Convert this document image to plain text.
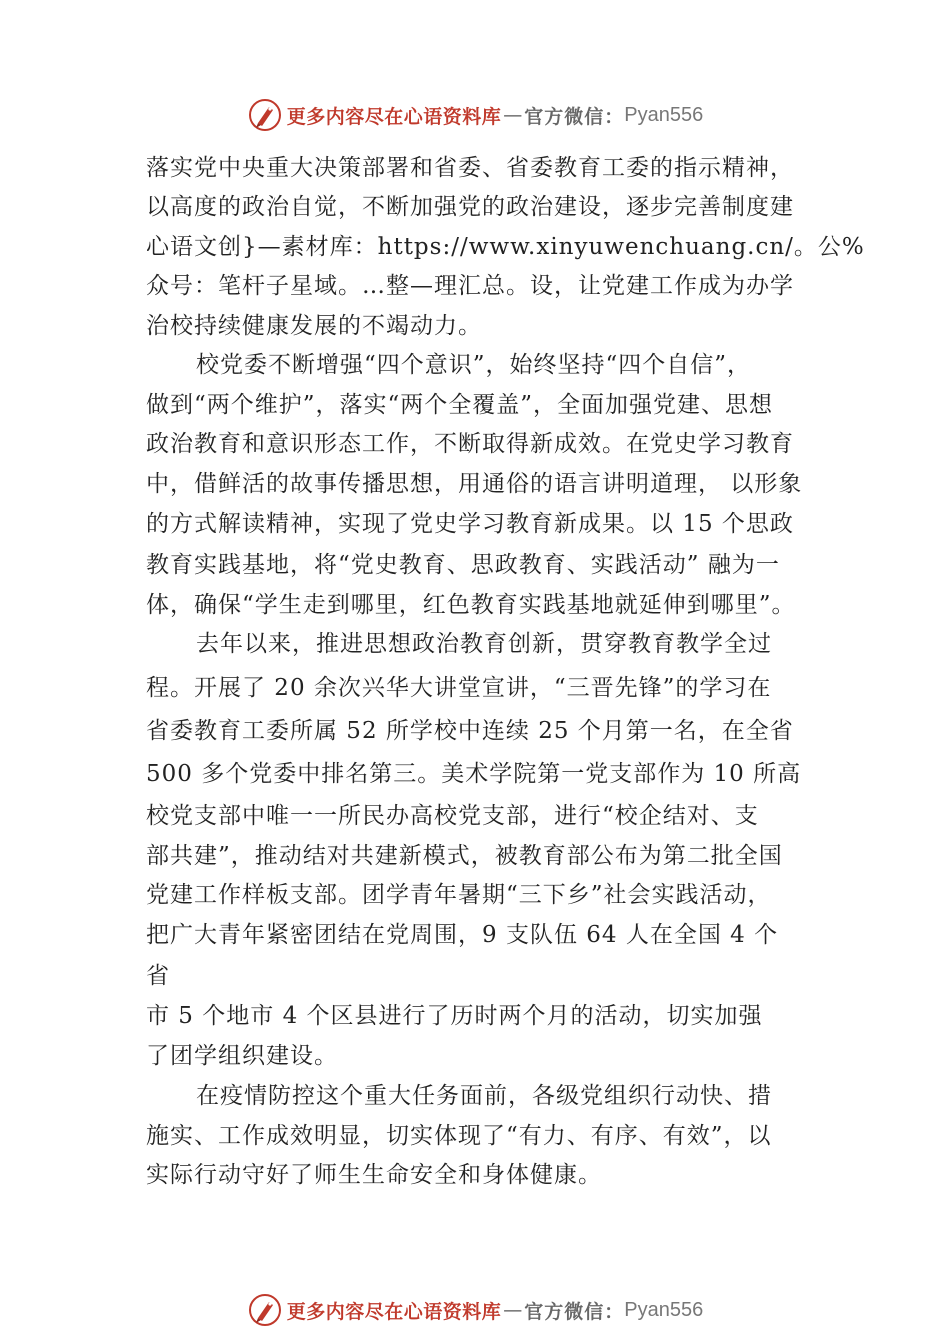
更多内容尽在心语资料库 — 官方微信： Pyan556
落实党中央重大决策部署和省委、省委教育工委的指示精神，
以高度的政治自觉，不断加强党的政治建设，逐步完善制度建
心语文创}—素材库：https://www.xinyuwenchuang.cn/。公%
众号：笔杆子星域。…整—理汇总。设，让党建工作成为办学
治校持续健康发展的不竭动力。
校党委不断增强“四个意识”，始终坚持“四个自信”，
做到“两个维护”，落实“两个全覆盖”，全面加强党建、思想
政治教育和意识形态工作，不断取得新成效。在党史学习教育
中，借鲜活的故事传播思想，用通俗的语言讲明道理， 以形象
的方式解读精神，实现了党史学习教育新成果。以 15 个思政
教育实践基地，将“党史教育、思政教育、实践活动” 融为一
体，确保“学生走到哪里，红色教育实践基地就延伸到哪里”。
去年以来，推进思想政治教育创新，贯穿教育教学全过
程。开展了 20 余次兴华大讲堂宣讲，“三晋先锋”的学习在
省委教育工委所属 52 所学校中连续 25 个月第一名，在全省
500 多个党委中排名第三。美术学院第一党支部作为 10 所高
校党支部中唯一一所民办高校党支部，进行“校企结对、支
部共建”，推动结对共建新模式，被教育部公布为第二批全国
党建工作样板支部。团学青年暑期“三下乡”社会实践活动，
把广大青年紧密团结在党周围，9 支队伍 64 人在全国 4 个
省
市 5 个地市 4 个区县进行了历时两个月的活动，切实加强
了团学组织建设。
在疫情防控这个重大任务面前，各级党组织行动快、措
施实、工作成效明显，切实体现了“有力、有序、有效”，以
实际行动守好了师生生命安全和身体健康。
更多内容尽在心语资料库 — 官方微信： Pyan556
